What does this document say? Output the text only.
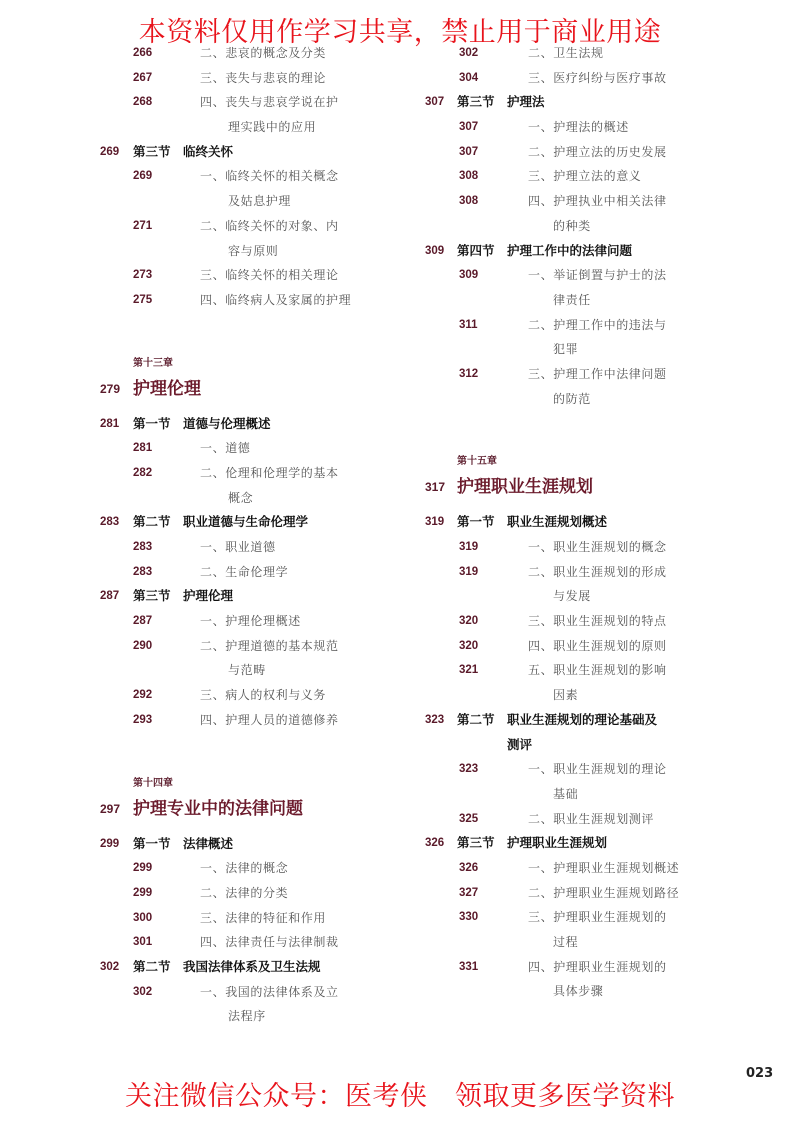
本资料仅用作学习共享，禁止用于商业用途
266	二、悲哀的概念及分类
267	三、丧失与悲哀的理论
268	四、丧失与悲哀学说在护
理实践中的应用
269 第三节 临终关怀
269	一、临终关怀的相关概念
及姑息护理
271	二、临终关怀的对象、内
容与原则
273	三、临终关怀的相关理论
275	四、临终病人及家属的护理
第十三章
279 护理伦理
281 第一节 道德与伦理概述
281	一、道德
282	二、伦理和伦理学的基本
概念
283 第二节 职业道德与生命伦理学
283	一、职业道德
283	二、生命伦理学
287 第三节 护理伦理
287	一、护理伦理概述
290	二、护理道德的基本规范
与范畴
292	三、病人的权利与义务
293	四、护理人员的道德修养
第十四章
297 护理专业中的法律问题
299 第一节 法律概述
299	一、法律的概念
299	二、法律的分类
300	三、法律的特征和作用
301	四、法律责任与法律制裁
302 第二节 我国法律体系及卫生法规
302	一、我国的法律体系及立
法程序
302	二、卫生法规
304	三、医疗纠纷与医疗事故
307 第三节 护理法
307	一、护理法的概述
307	二、护理立法的历史发展
308	三、护理立法的意义
308	四、护理执业中相关法律
的种类
309 第四节 护理工作中的法律问题
309	一、举证倒置与护士的法
律责任
311	二、护理工作中的违法与
犯罪
312	三、护理工作中法律问题
的防范
第十五章
317 护理职业生涯规划
319 第一节 职业生涯规划概述
319	一、职业生涯规划的概念
319	二、职业生涯规划的形成
与发展
320	三、职业生涯规划的特点
320	四、职业生涯规划的原则
321	五、职业生涯规划的影响
因素
323 第二节 职业生涯规划的理论基础及
测评
323	一、职业生涯规划的理论
基础
325	二、职业生涯规划测评
326 第三节 护理职业生涯规划
326	一、护理职业生涯规划概述
327	二、护理职业生涯规划路径
330	三、护理职业生涯规划的
过程
331	四、护理职业生涯规划的
具体步骤
023
关注微信公众号：医考侠　领取更多医学资料
